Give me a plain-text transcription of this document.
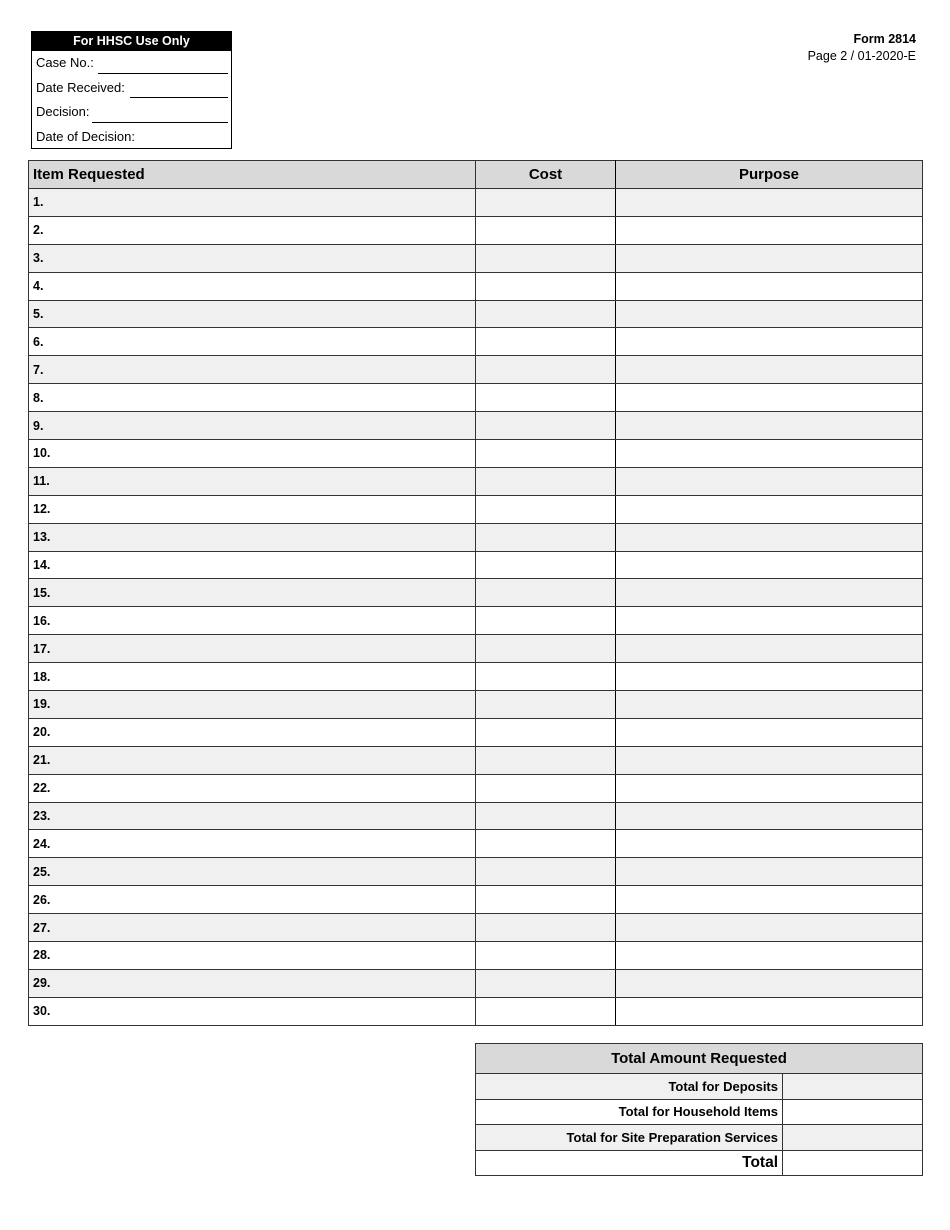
For HHSC Use Only
Case No.:
Date Received:
Decision:
Date of Decision:
Form 2814
Page 2 / 01-2020-E
Item Requested	Cost	Purpose
1.		
2.		
3.		
4.		
5.		
6.		
7.		
8.		
9.		
10.		
11.		
12.		
13.		
14.		
15.		
16.		
17.		
18.		
19.		
20.		
21.		
22.		
23.		
24.		
25.		
26.		
27.		
28.		
29.		
30.		
Total Amount Requested	
Total for Deposits	
Total for Household Items	
Total for Site Preparation Services	
Total	
